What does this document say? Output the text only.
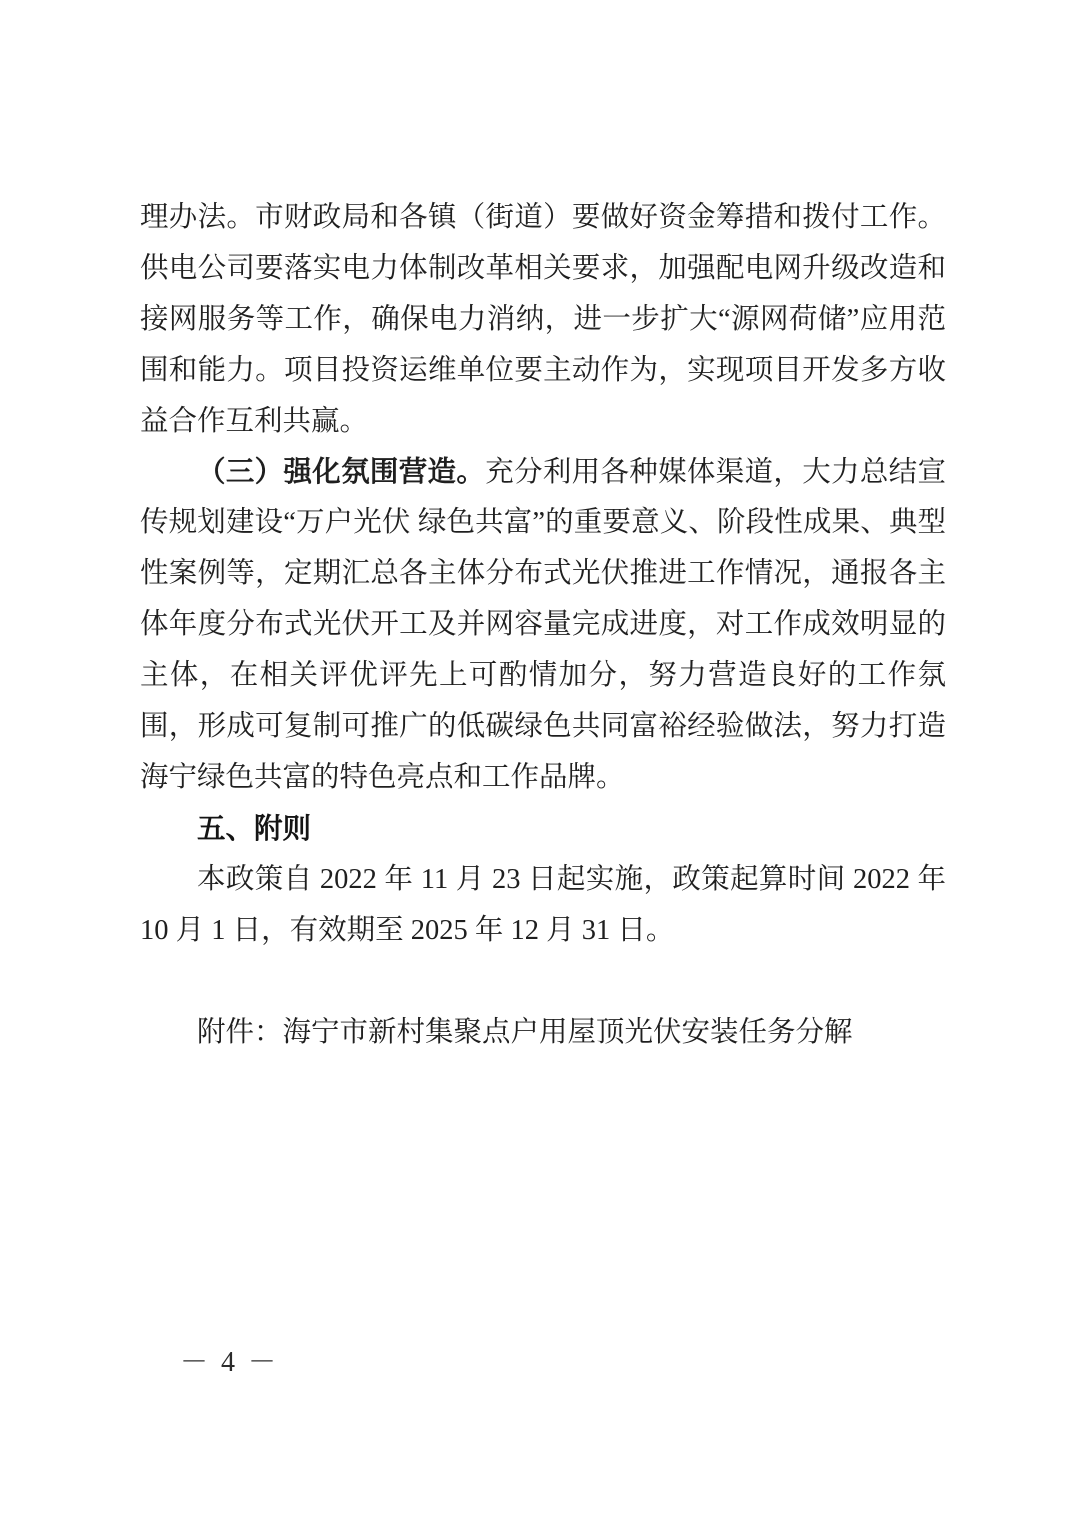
理办法。市财政局和各镇（街道）要做好资金筹措和拨付工作。供电公司要落实电力体制改革相关要求，加强配电网升级改造和接网服务等工作，确保电力消纳，进一步扩大“源网荷储”应用范围和能力。项目投资运维单位要主动作为，实现项目开发多方收益合作互利共赢。

（三）强化氛围营造。充分利用各种媒体渠道，大力总结宣传规划建设“万户光伏 绿色共富”的重要意义、阶段性成果、典型性案例等，定期汇总各主体分布式光伏推进工作情况，通报各主体年度分布式光伏开工及并网容量完成进度，对工作成效明显的主体，在相关评优评先上可酌情加分，努力营造良好的工作氛围，形成可复制可推广的低碳绿色共同富裕经验做法，努力打造海宁绿色共富的特色亮点和工作品牌。

五、附则

本政策自 2022 年 11 月 23 日起实施，政策起算时间 2022 年 10 月 1 日，有效期至 2025 年 12 月 31 日。

附件：海宁市新村集聚点户用屋顶光伏安装任务分解

－ 4 －
